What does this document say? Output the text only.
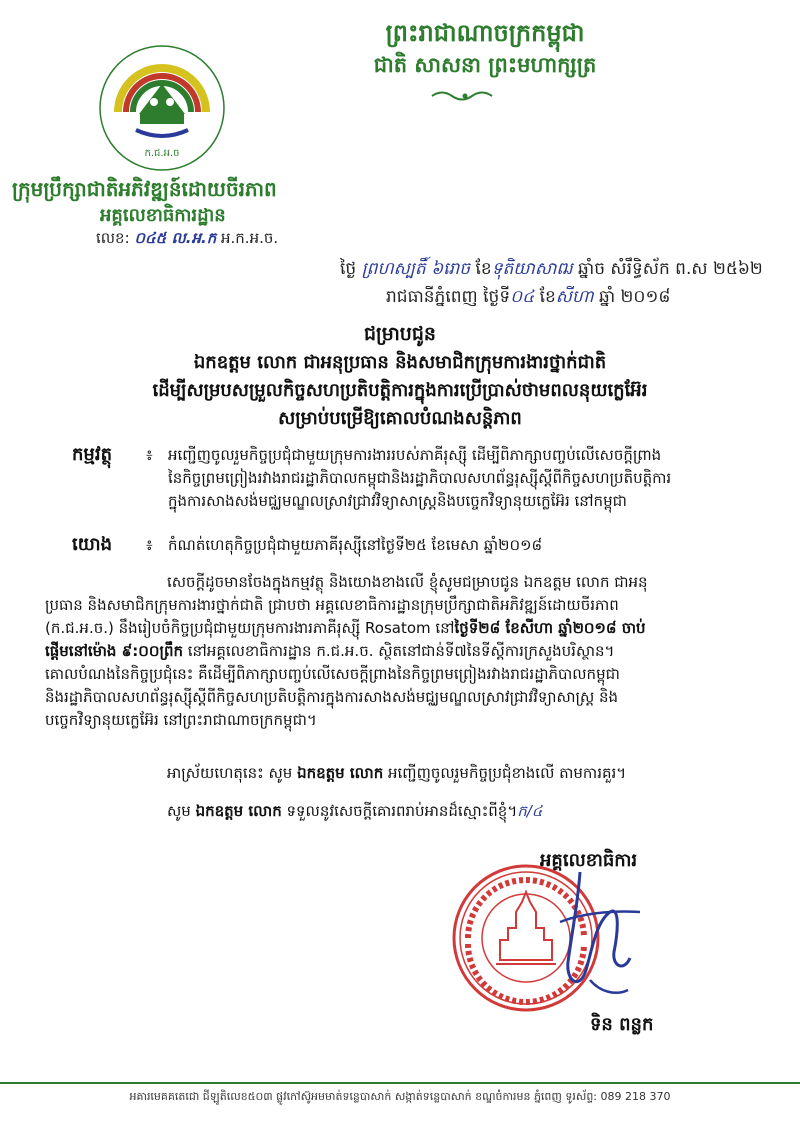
ព្រះរាជាណាចក្រកម្ពុជា
ជាតិ សាសនា ព្រះមហាក្សត្រ
ក.ជ.អ.ច
ក្រុមប្រឹក្សាជាតិអភិវឌ្ឍន៍ដោយចីរភាព
អគ្គលេខាធិការដ្ឋាន
លេខ: ០៤៥ ល.អ.ក អ.ក.អ.ច.
ថ្ងៃ ព្រហស្បតិ៍ ៦រោច ខែទុតិយាសាឍ ឆ្នាំច សំរឹទ្ធិស័ក ព.ស ២៥៦២
រាជធានីភ្នំពេញ ថ្ងៃទី០៤ ខែសីហា ឆ្នាំ ២០១៨
ជម្រាបជូន
ឯកឧត្តម លោក ជាអនុប្រធាន និងសមាជិកក្រុមការងារថ្នាក់ជាតិ
ដើម្បីសម្របសម្រួលកិច្ចសហប្រតិបត្តិការក្នុងការប្រើប្រាស់ថាមពលនុយក្លេអ៊ែរ
សម្រាប់បម្រើឱ្យគោលបំណងសន្តិភាព
កម្មវត្ថុ ៖ អញ្ជើញចូលរួមកិច្ចប្រជុំជាមួយក្រុមការងាររបស់ភាគីរុស្ស៊ី ដើម្បីពិភាក្សាបញ្ចប់លើសេចក្ដីព្រាង
នៃកិច្ចព្រមព្រៀងរវាងរាជរដ្ឋាភិបាលកម្ពុជានិងរដ្ឋាភិបាលសហព័ន្ធរុស្ស៊ីស្តីពីកិច្ចសហប្រតិបត្តិការ
ក្នុងការសាងសង់មជ្ឈមណ្ឌលស្រាវជ្រាវវិទ្យាសាស្ត្រនិងបច្ចេកវិទ្យានុយក្លេអ៊ែរ នៅកម្ពុជា
យោង ៖ កំណត់ហេតុកិច្ចប្រជុំជាមួយភាគីរុស្ស៊ីនៅថ្ងៃទី២៥ ខែមេសា ឆ្នាំ២០១៨
សេចក្ដីដូចមានចែងក្នុងកម្មវត្ថុ និងយោងខាងលើ ខ្ញុំសូមជម្រាបជូន ឯកឧត្តម លោក ជាអនុ
ប្រធាន និងសមាជិកក្រុមការងារថ្នាក់ជាតិ ជ្រាបថា អគ្គលេខាធិការដ្ឋានក្រុមប្រឹក្សាជាតិអភិវឌ្ឍន៍ដោយចីរភាព
(ក.ជ.អ.ច.) នឹងរៀបចំកិច្ចប្រជុំជាមួយក្រុមការងារភាគីរុស្ស៊ី Rosatom នៅថ្ងៃទី២៨ ខែសីហា ឆ្នាំ២០១៨ ចាប់
ផ្ដើមនៅម៉ោង ៩:០០ព្រឹក នៅអគ្គលេខាធិការដ្ឋាន ក.ជ.អ.ច. ស្ថិតនៅជាន់ទី៧នៃទីស្តីការក្រសួងបរិស្ថាន។
គោលបំណងនៃកិច្ចប្រជុំនេះ គឺដើម្បីពិភាក្សាបញ្ចប់លើសេចក្តីព្រាងនៃកិច្ចព្រមព្រៀងរវាងរាជរដ្ឋាភិបាលកម្ពុជា
និងរដ្ឋាភិបាលសហព័ន្ធរុស្ស៊ីស្តីពីកិច្ចសហប្រតិបត្តិការក្នុងការសាងសង់មជ្ឈមណ្ឌលស្រាវជ្រាវវិទ្យាសាស្ត្រ និង
បច្ចេកវិទ្យានុយក្លេអ៊ែរ នៅព្រះរាជាណាចក្រកម្ពុជា។
អាស្រ័យហេតុនេះ សូម ឯកឧត្តម លោក អញ្ជើញចូលរួមកិច្ចប្រជុំខាងលើ តាមការគួរ។
សូម ឯកឧត្តម លោក ទទួលនូវសេចក្ដីគោរពរាប់អានដ៏ស្មោះពីខ្ញុំ។ក/៤
អគ្គលេខាធិការ
ទិន ពន្លក
អគារមេគគតេជោ ជីឡូតិលេខ៥០៣ ផ្លូវកៅស៊ូអមមាត់ទន្លេបាសាក់ សង្កាត់ទន្លេបាសាក់ ខណ្ឌចំការមន ភ្នំពេញ ទូរស័ព្ទ: 089 218 370
